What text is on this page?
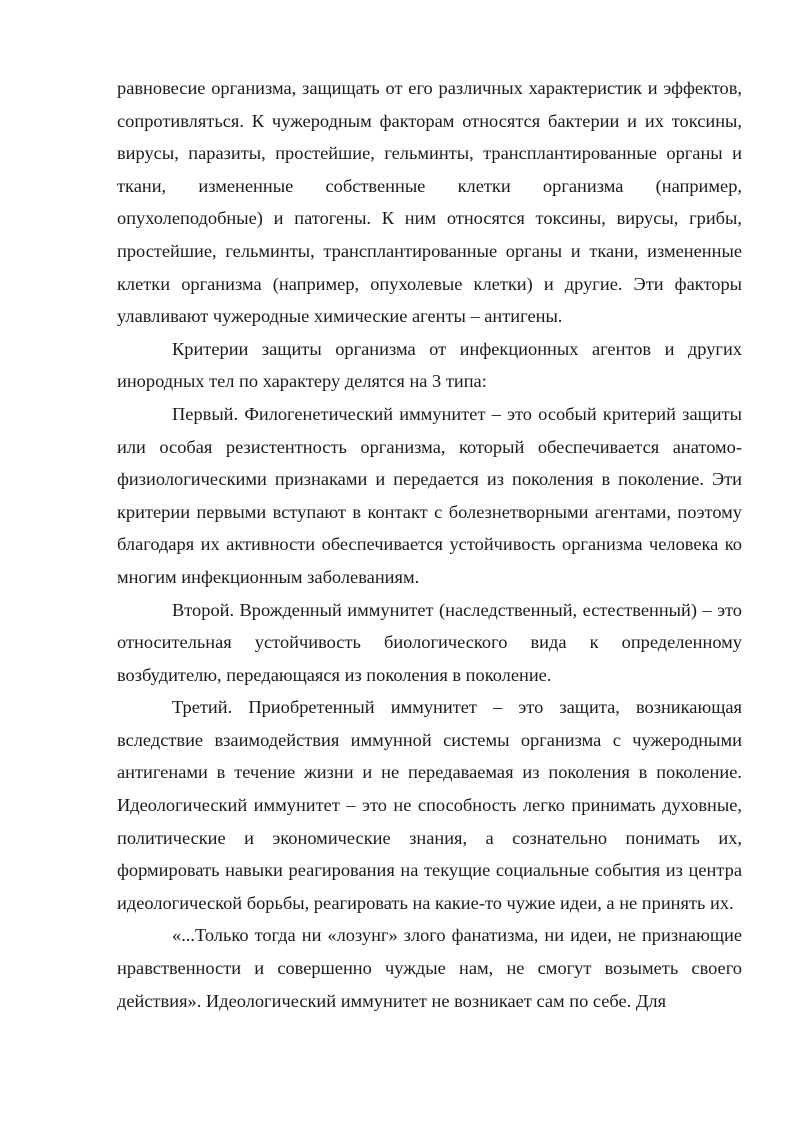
равновесие организма, защищать от его различных характеристик и эффектов, сопротивляться. К чужеродным факторам относятся бактерии и их токсины, вирусы, паразиты, простейшие, гельминты, трансплантированные органы и ткани, измененные собственные клетки организма (например, опухолеподобные) и патогены. К ним относятся токсины, вирусы, грибы, простейшие, гельминты, трансплантированные органы и ткани, измененные клетки организма (например, опухолевые клетки) и другие. Эти факторы улавливают чужеродные химические агенты – антигены.

Критерии защиты организма от инфекционных агентов и других инородных тел по характеру делятся на 3 типа:

Первый. Филогенетический иммунитет – это особый критерий защиты или особая резистентность организма, который обеспечивается анатомо-физиологическими признаками и передается из поколения в поколение. Эти критерии первыми вступают в контакт с болезнетворными агентами, поэтому благодаря их активности обеспечивается устойчивость организма человека ко многим инфекционным заболеваниям.

Второй. Врожденный иммунитет (наследственный, естественный) – это относительная устойчивость биологического вида к определенному возбудителю, передающаяся из поколения в поколение.

Третий. Приобретенный иммунитет – это защита, возникающая вследствие взаимодействия иммунной системы организма с чужеродными антигенами в течение жизни и не передаваемая из поколения в поколение. Идеологический иммунитет – это не способность легко принимать духовные, политические и экономические знания, а сознательно понимать их, формировать навыки реагирования на текущие социальные события из центра идеологической борьбы, реагировать на какие-то чужие идеи, а не принять их.

«...Только тогда ни «лозунг» злого фанатизма, ни идеи, не признающие нравственности и совершенно чуждые нам, не смогут возыметь своего действия». Идеологический иммунитет не возникает сам по себе. Для
